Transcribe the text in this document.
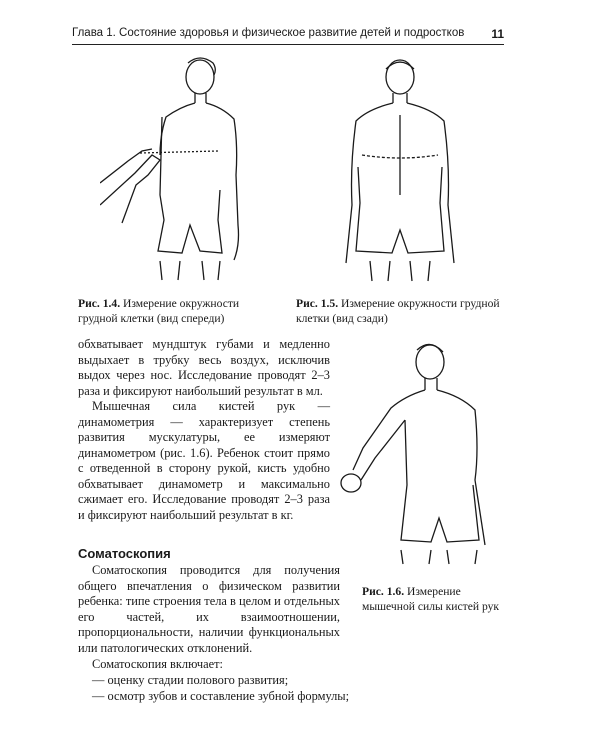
Глава 1. Состояние здоровья и физическое развитие детей и подростков 11
Рис. 1.4. Измерение окружности грудной клетки (вид спереди)
Рис. 1.5. Измерение окружности грудной клетки (вид сзади)

обхватывает мундштук губами и медленно выдыхает в трубку весь воздух, исключив выдох через нос. Исследование проводят 2–3 раза и фиксируют наибольший результат в мл.

Мышечная сила кистей рук — динамометрия — характеризует степень развития мускулатуры, ее измеряют динамометром (рис. 1.6). Ребенок стоит прямо с отведенной в сторону рукой, кисть удобно обхватывает динамометр и максимально сжимает его. Исследование проводят 2–3 раза и фиксируют наибольший результат в кг.

Рис. 1.6. Измерение мышечной силы кистей рук
Соматоскопия
Соматоскопия проводится для получения общего впечатления о физическом развитии ребенка: типе строения тела в целом и отдельных его частей, их взаимоотношении, пропорциональности, наличии функциональных или патологических отклонений.
Соматоскопия включает:
— оценку стадии полового развития;
— осмотр зубов и составление зубной формулы;
